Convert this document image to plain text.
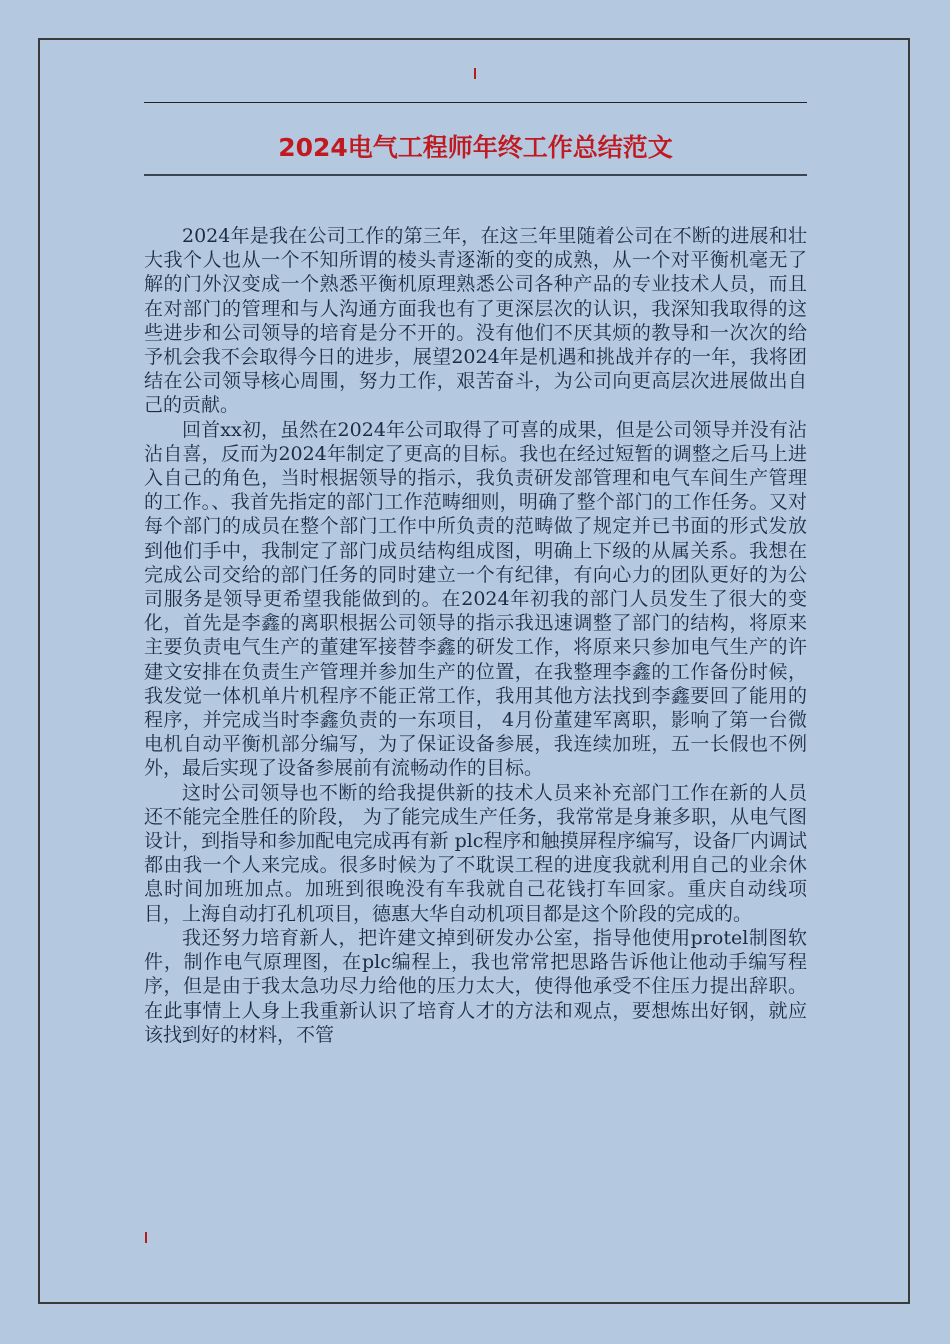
2024电气工程师年终工作总结范文

2024年是我在公司工作的第三年，在这三年里随着公司在不断的进展和壮大我个人也从一个不知所谓的棱头青逐渐的变的成熟，从一个对平衡机毫无了解的门外汉变成一个熟悉平衡机原理熟悉公司各种产品的专业技术人员，而且在对部门的管理和与人沟通方面我也有了更深层次的认识，我深知我取得的这些进步和公司领导的培育是分不开的。没有他们不厌其烦的教导和一次次的给予机会我不会取得今日的进步，展望2024年是机遇和挑战并存的一年，我将团结在公司领导核心周围，努力工作，艰苦奋斗，为公司向更高层次进展做出自己的贡献。

回首xx初，虽然在2024年公司取得了可喜的成果，但是公司领导并没有沾沾自喜，反而为2024年制定了更高的目标。我也在经过短暂的调整之后马上进入自己的角色，当时根据领导的指示，我负责研发部管理和电气车间生产管理的工作。、我首先指定的部门工作范畴细则，明确了整个部门的工作任务。又对每个部门的成员在整个部门工作中所负责的范畴做了规定并已书面的形式发放到他们手中，我制定了部门成员结构组成图，明确上下级的从属关系。我想在完成公司交给的部门任务的同时建立一个有纪律，有向心力的团队更好的为公司服务是领导更希望我能做到的。在2024年初我的部门人员发生了很大的变化，首先是李鑫的离职根据公司领导的指示我迅速调整了部门的结构，将原来主要负责电气生产的董建军接替李鑫的研发工作，将原来只参加电气生产的许建文安排在负责生产管理并参加生产的位置，在我整理李鑫的工作备份时候，我发觉一体机单片机程序不能正常工作，我用其他方法找到李鑫要回了能用的程序，并完成当时李鑫负责的一东项目， 4月份董建军离职，影响了第一台微电机自动平衡机部分编写，为了保证设备参展，我连续加班，五一长假也不例外，最后实现了设备参展前有流畅动作的目标。

这时公司领导也不断的给我提供新的技术人员来补充部门工作在新的人员还不能完全胜任的阶段， 为了能完成生产任务，我常常是身兼多职，从电气图设计，到指导和参加配电完成再有新 plc程序和触摸屏程序编写，设备厂内调试都由我一个人来完成。很多时候为了不耽误工程的进度我就利用自己的业余休息时间加班加点。加班到很晚没有车我就自己花钱打车回家。重庆自动线项目，上海自动打孔机项目，德惠大华自动机项目都是这个阶段的完成的。

我还努力培育新人，把许建文掉到研发办公室，指导他使用protel制图软件，制作电气原理图，在plc编程上，我也常常把思路告诉他让他动手编写程序，但是由于我太急功尽力给他的压力太大，使得他承受不住压力提出辞职。在此事情上人身上我重新认识了培育人才的方法和观点，要想炼出好钢，就应该找到好的材料，不管
